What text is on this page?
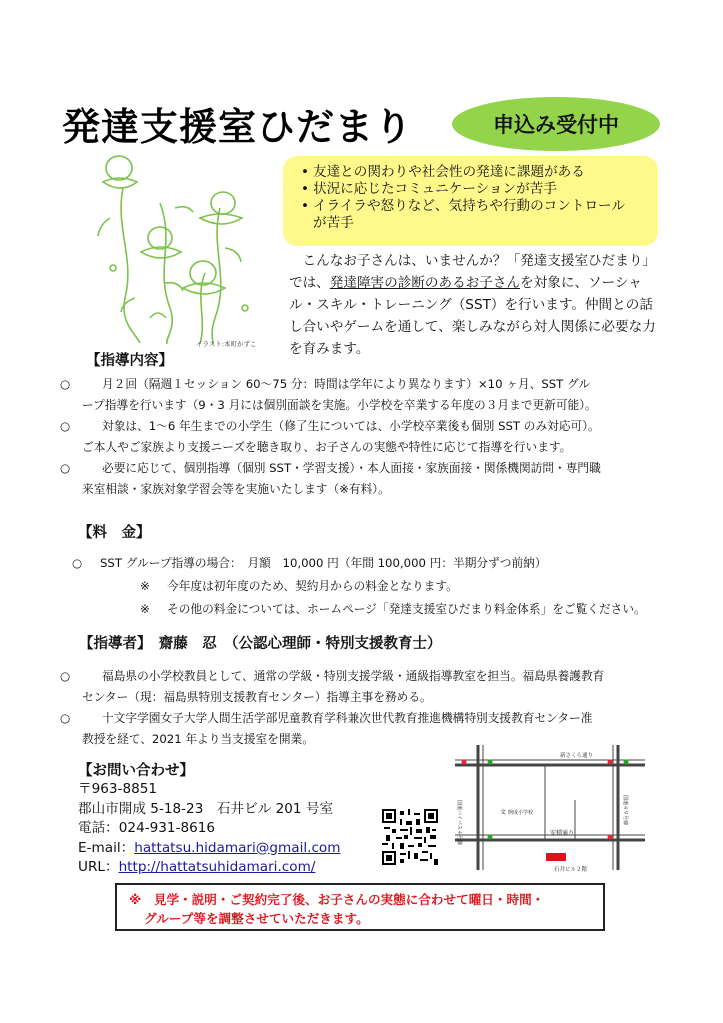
発達支援室ひだまり	申込み受付中
イラスト:本町かずこ
• 友達との関わりや社会性の発達に課題がある
• 状況に応じたコミュニケーションが苦手
• イライラや怒りなど、気持ちや行動のコントロール
が苦手
こんなお子さんは、いませんか？「発達支援室ひだまり」では、発達障害の診断のあるお子さんを対象に、ソーシャル・スキル・トレーニング（SST）を行います。仲間との話し合いやゲームを通して、楽しみながら対人関係に必要な力を育みます。
【指導内容】
○	月２回（隔週１セッション 60～75 分：時間は学年により異なります）×10 ヶ月、SST グル
ープ指導を行います（9・3 月には個別面談を実施。小学校を卒業する年度の３月まで更新可能）。
○	対象は、1～6 年生までの小学生（修了生については、小学校卒業後も個別 SST のみ対応可）。
ご本人やご家族より支援ニーズを聴き取り、お子さんの実態や特性に応じて指導を行います。
○	必要に応じて、個別指導（個別 SST・学習支援）・本人面接・家族面接・関係機関訪問・専門職
来室相談・家族対象学習会等を実施いたします（※有料）。
【料　金】
○ SST グループ指導の場合：　月額　10,000 円（年間 100,000 円：半期分ずつ前納）
※ 今年度は初年度のため、契約月からの料金となります。
※ その他の料金については、ホームページ「発達支援室ひだまり料金体系」をご覧ください。
【指導者】　齋藤　忍　（公認心理師・特別支援教育士）
○	福島県の小学校教員として、通常の学級・特別支援学級・通級指導教室を担当。福島県養護教育
センター（現：福島県特別支援教育センター）指導主事を務める。
○	十文字学園女子大学人間生活学部児童教育学科兼次世代教育推進機構特別支援教育センター准
教授を経て、2021 年より当支援室を開業。
【お問い合わせ】
〒963-8851
郡山市開成 5-18-23　石井ビル 201 号室
電話：024-931-8616
E-mail：hattatsu.hidamari@gmail.com
URL：http://hattatsuhidamari.com/
新さくら通り
安積通り
国道バイパス４号線	国道４９号線
文 開成小学校
石井ビル２階
※　 見学・説明・ご契約完了後、お子さんの実態に合わせて曜日・時間・
グループ等を調整させていただきます。
